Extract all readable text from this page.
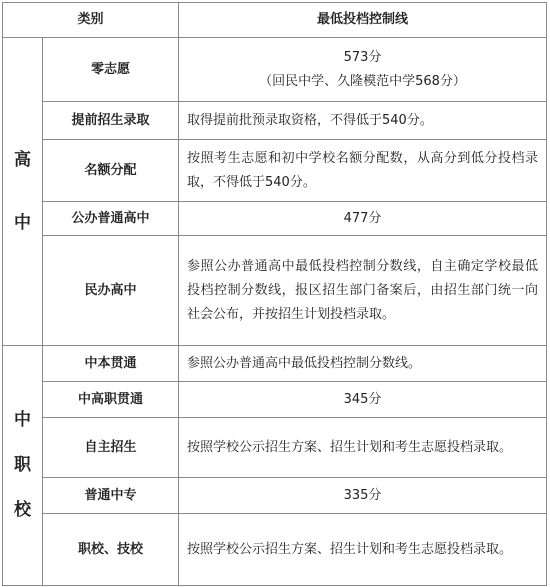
类别		最低投档控制线

高
中	零志愿	573分
（回民中学、久隆模范中学568分）

	提前招生录取	取得提前批预录取资格，不得低于540分。
	名额分配	按照考生志愿和初中学校名额分配数，从高分到低分投档录取，不得低于540分。
	公办普通高中	477分
	民办高中	参照公办普通高中最低投档控制分数线，自主确定学校最低投档控制分数线，报区招生部门备案后，由招生部门统一向社会公布，并按招生计划投档录取。

中
职
校	中本贯通	参照公办普通高中最低投档控制分数线。
	中高职贯通	345分
	自主招生	按照学校公示招生方案、招生计划和考生志愿投档录取。
	普通中专	335分
	职校、技校	按照学校公示招生方案、招生计划和考生志愿投档录取。
